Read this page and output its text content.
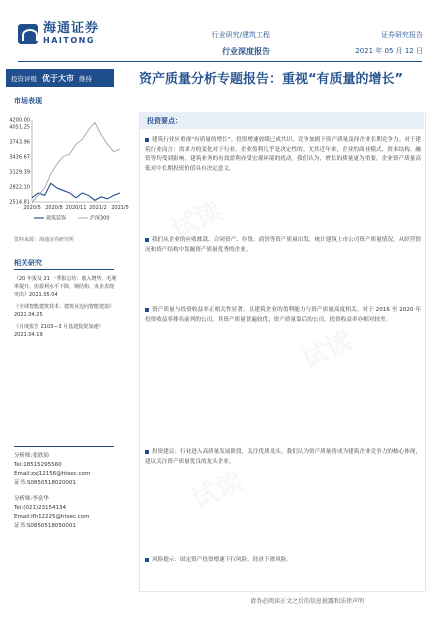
海通证券
HAITONG
行业研究/建筑工程
行业深度报告
证券研究报告
2021 年 05 月 12 日
投资评级 优于大市 维持	资产质量分析专题报告：重视“有质量的增长”
市场表现
2514.81
2822.10
3129.39
3436.67
3743.96
4051.25
4200.00
2020/5 2020/8 2020/11 2021/2 2021/5
建筑装饰	沪深300
资料来源：海通证券研究所
相关研究

《20 年报及 21 一季报总结：收入增势、毛利率提升、但盈利水平下降，钢结构、央企表现突出》2021.05.04

《全球智能建筑技术：建筑业迈向智能建造》2021.04.25

《月度报告 2103—3 月基建投资加速》2021.04.19

分析师:张欣劼
Tel:18515295560
Email:zxj12156@htsec.com
证书:S0850518020001
分析师:李富华
Tel:(021)23154134
Email:lfh12225@htsec.com
证书:S0850518050001
投资要点：
建筑行业应重视“有质量的增长”。投资增速放缓已成共识，竞争加剧下资产质量及择企业长期竞争力。对于建筑行业而言：需求方的变化对于行业、企业盈利几乎是决定性的。尤其近年来，企业的商业模式、资本结构、融资等均受到影响，建筑业务的有效盈利亦受宏观环境的扰动。我们认为，增长的质量更为重要，企业资产质量高低对中长期投资价值具有决定意义。
我们从企业的应收账款、合同资产、存货、商誉等资产质量出发，统计建筑上市公司资产质量情况，从经营情况和资产结构中发掘资产质量优秀的企业。
资产质量与投资收益率正相关性显著，且建筑企业的盈利能力与资产质量高度相关。对于 2016 至 2020 年投资收益率排名前列的公司，其资产质量普遍较优；资产质量靠后的公司，投资收益率亦相对较差。
投资建议：行业进入高质量发展阶段，关注优质龙头。我们认为资产质量将成为建筑企业竞争力的核心体现，建议关注资产质量优良的龙头企业。
风险提示：固定资产投资增速下行风险，经济下滑风险。
试读
试读
试读
请务必阅读正文之后的信息披露和法律声明
